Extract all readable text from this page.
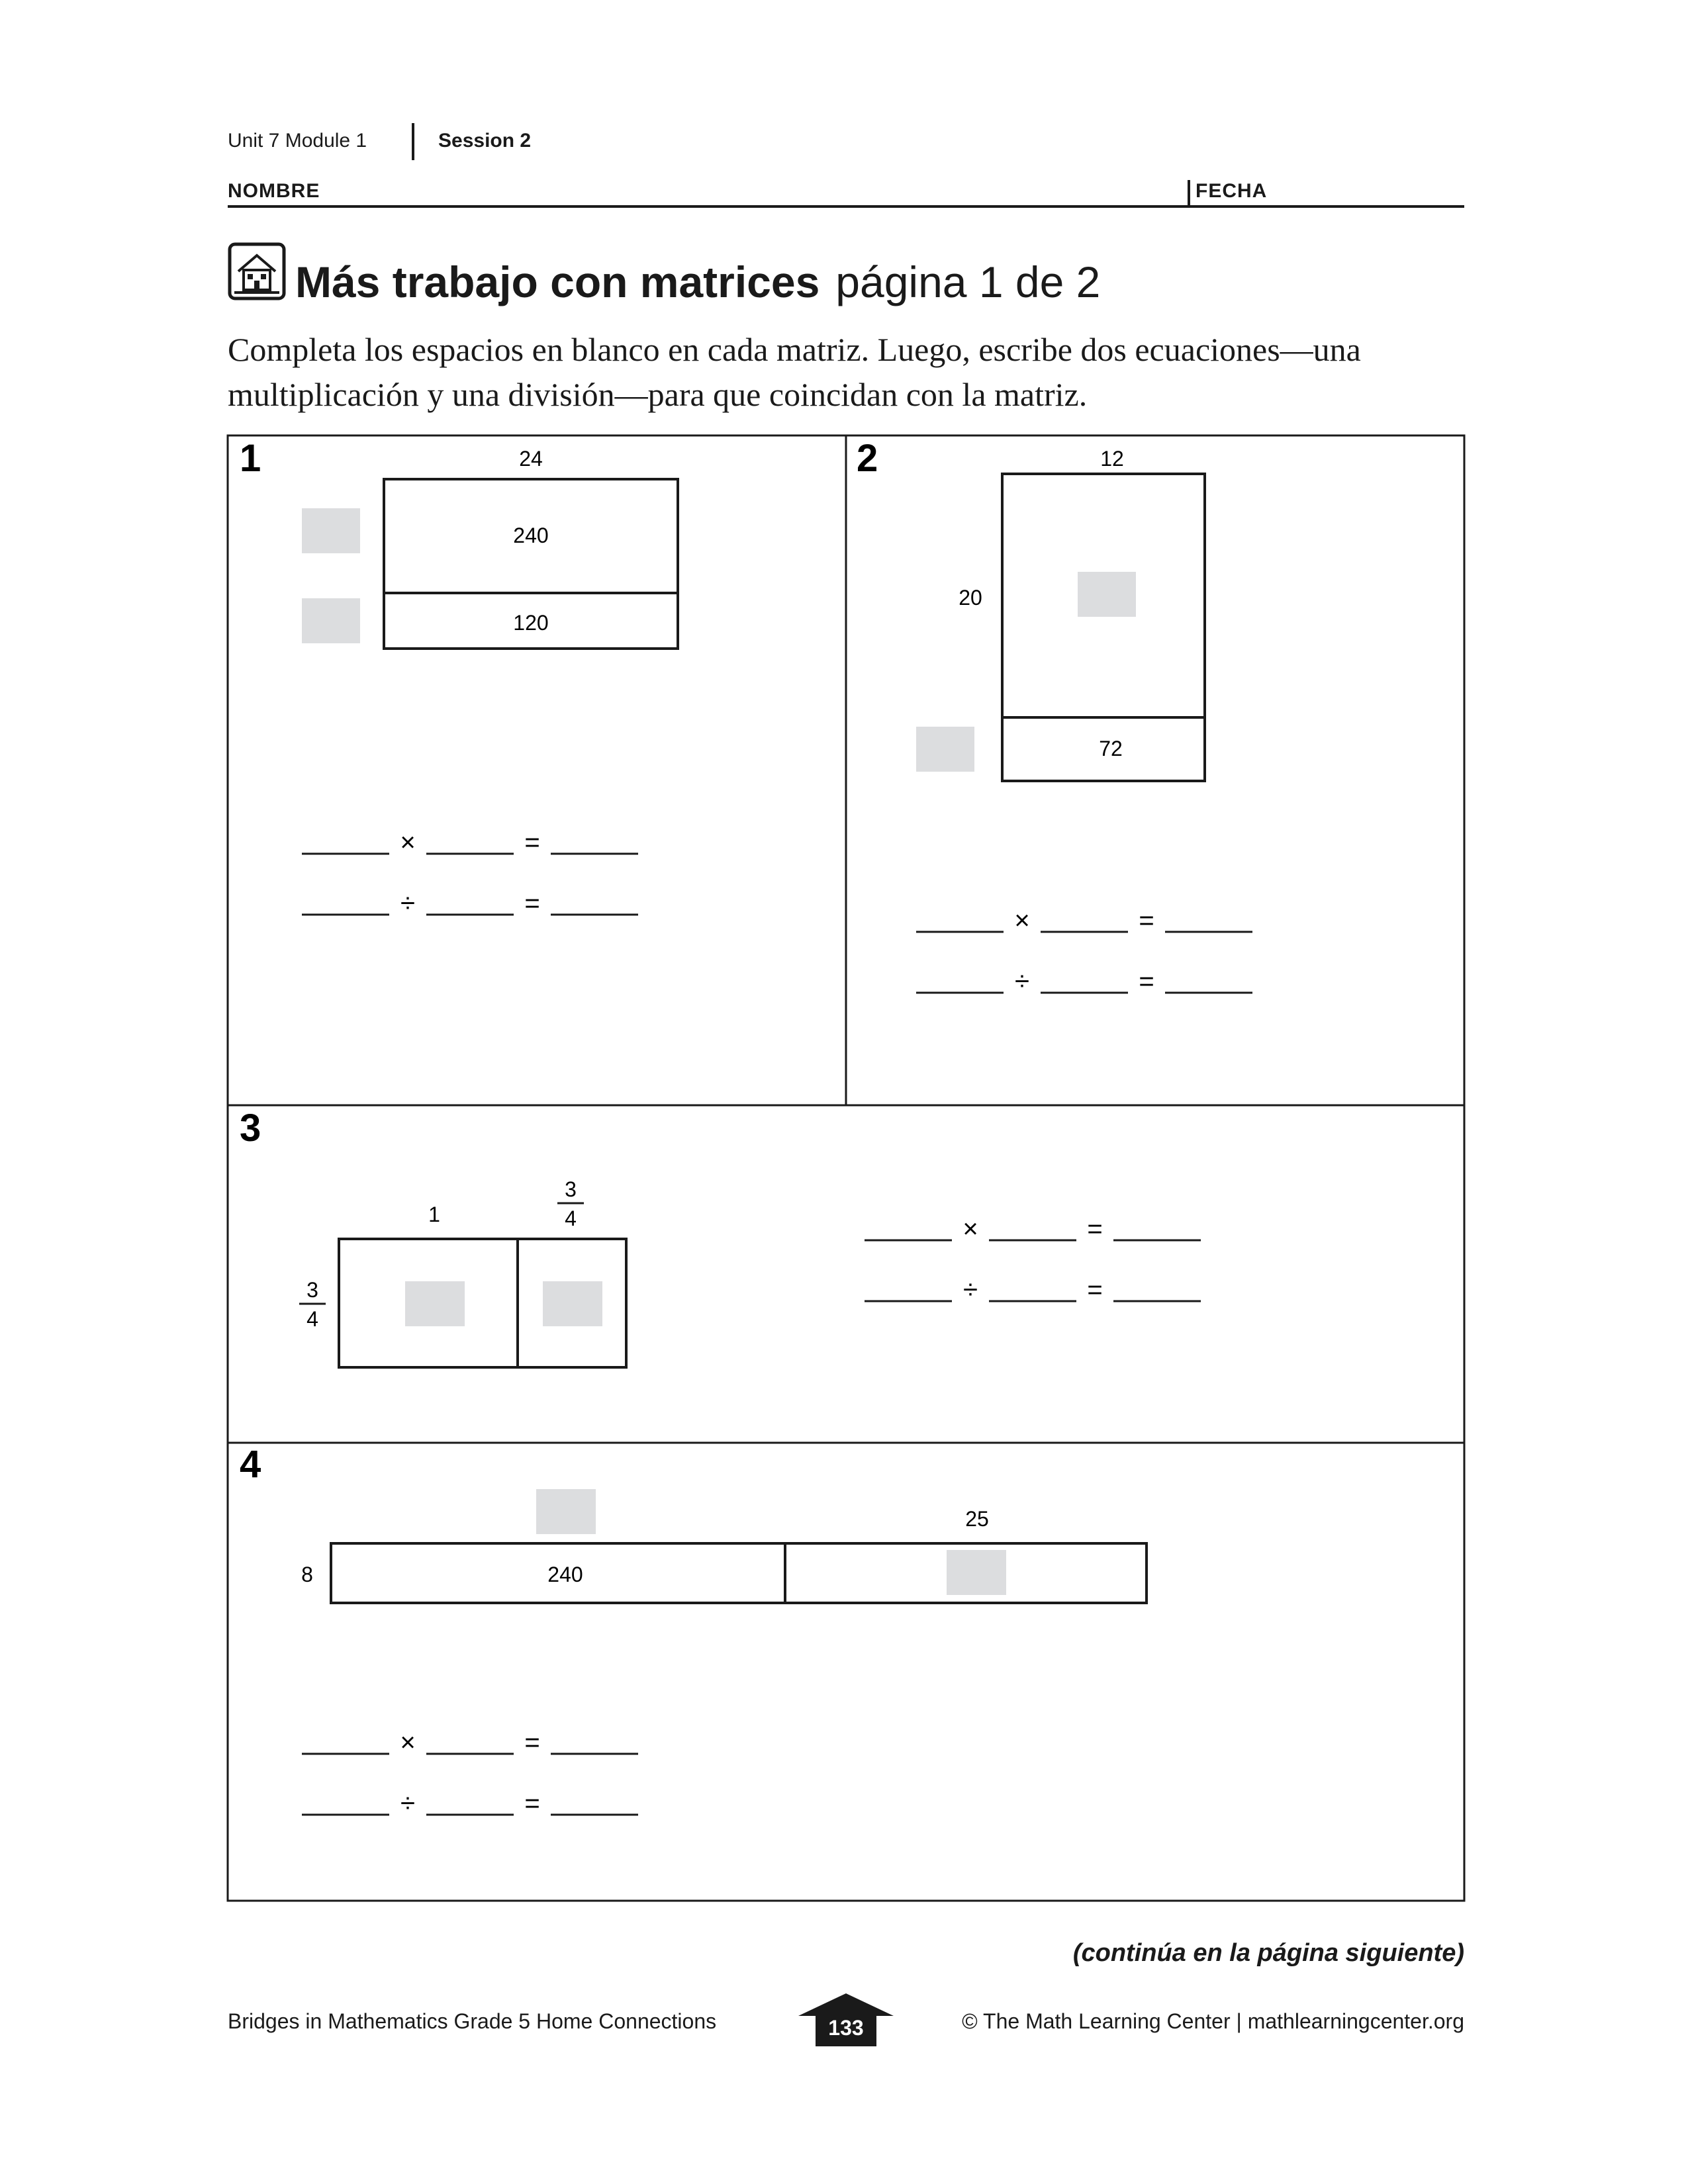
Unit 7 Module 1	Session 2
NOMBRE	FECHA
Más trabajo con matrices página 1 de 2
Completa los espacios en blanco en cada matriz. Luego, escribe dos ecuaciones—una multiplicación y una división—para que coincidan con la matriz.
1	24
240
120
×	=
÷	=
2	12
20
72
×	=
÷	=
3
1
3
4
3
4
×	=
÷	=
4
25
8	240
×	=
÷	=
(continúa en la página siguiente)
Bridges in Mathematics Grade 5 Home Connections	133	© The Math Learning Center | mathlearningcenter.org
